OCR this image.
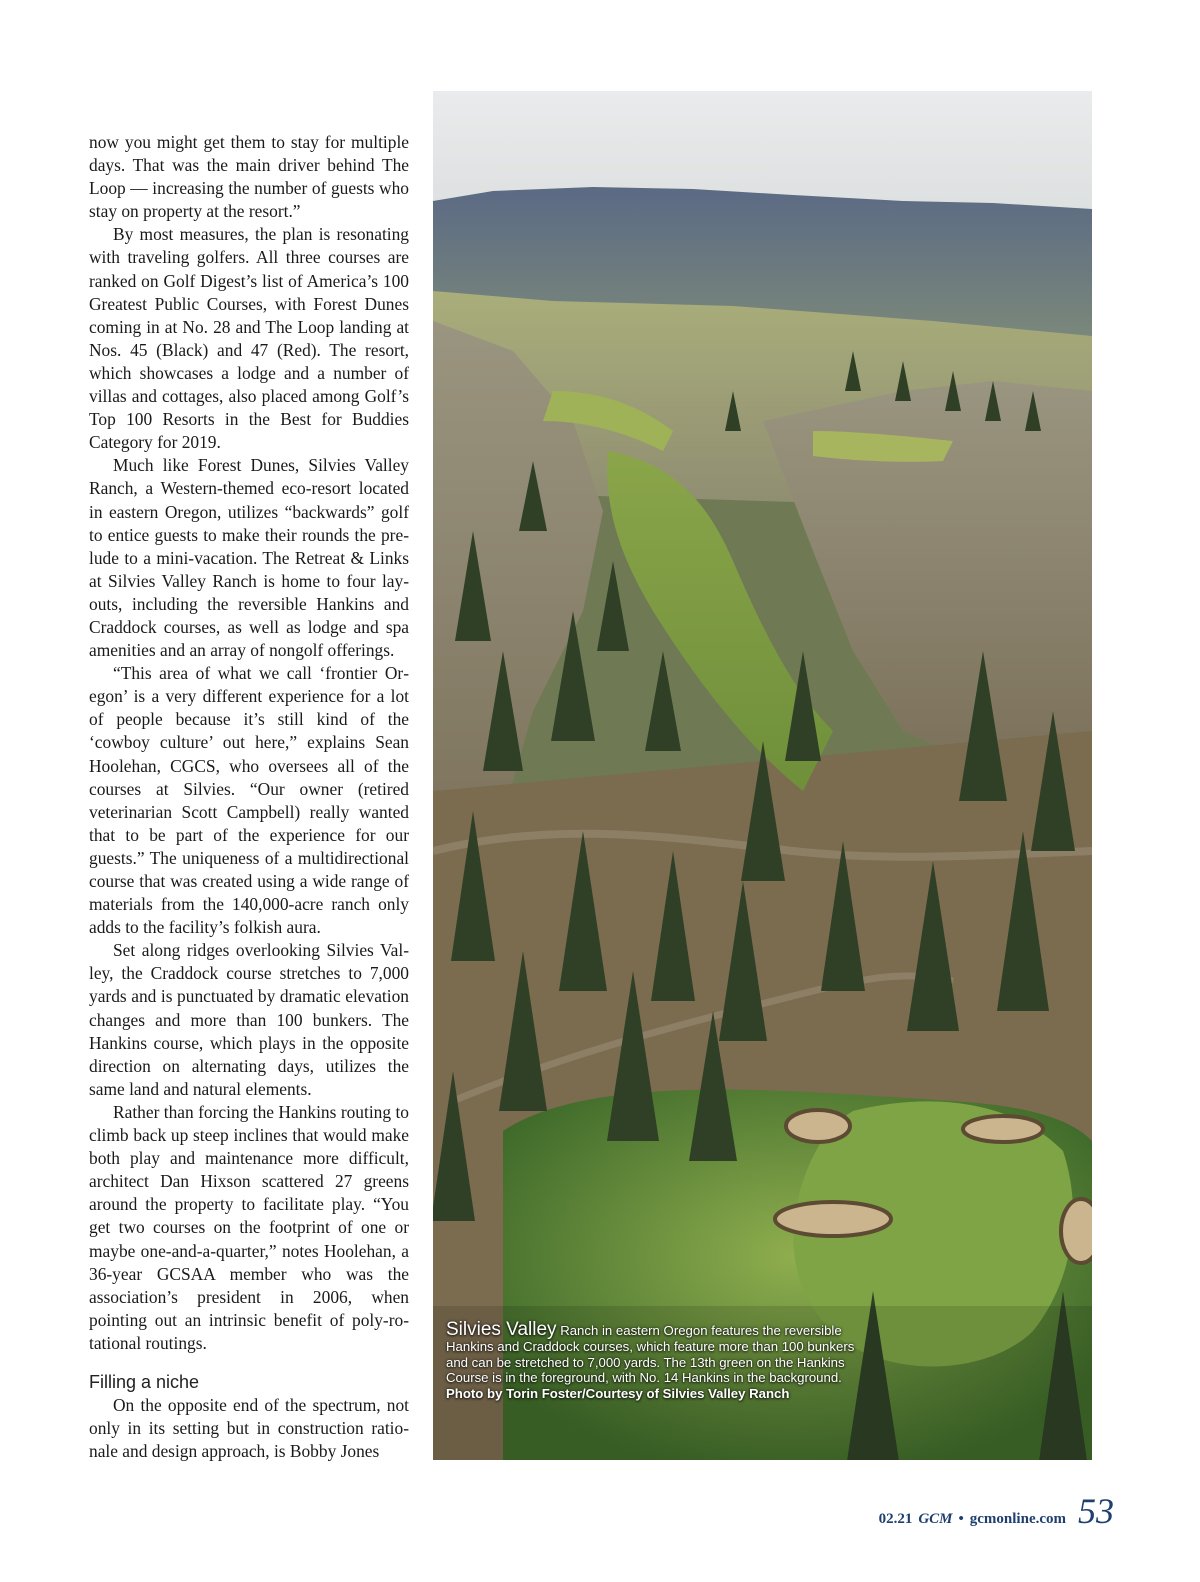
now you might get them to stay for multiple days. That was the main driver behind The Loop — increasing the number of guests who stay on property at the resort.”

By most measures, the plan is resonating with traveling golfers. All three courses are ranked on Golf Digest’s list of America’s 100 Greatest Public Courses, with Forest Dunes coming in at No. 28 and The Loop landing at Nos. 45 (Black) and 47 (Red). The resort, which showcases a lodge and a number of villas and cottages, also placed among Golf’s Top 100 Resorts in the Best for Buddies Category for 2019.

Much like Forest Dunes, Silvies Valley Ranch, a Western-themed eco-resort located in eastern Oregon, utilizes “backwards” golf to entice guests to make their rounds the prelude to a mini-vacation. The Retreat & Links at Silvies Valley Ranch is home to four layouts, including the reversible Hankins and Craddock courses, as well as lodge and spa amenities and an array of nongolf offerings.

“This area of what we call ‘frontier Oregon’ is a very different experience for a lot of people because it’s still kind of the ‘cowboy culture’ out here,” explains Sean Hoolehan, CGCS, who oversees all of the courses at Silvies. “Our owner (retired veterinarian Scott Campbell) really wanted that to be part of the experience for our guests.” The uniqueness of a multidirectional course that was created using a wide range of materials from the 140,000-acre ranch only adds to the facility’s folkish aura.

Set along ridges overlooking Silvies Valley, the Craddock course stretches to 7,000 yards and is punctuated by dramatic elevation changes and more than 100 bunkers. The Hankins course, which plays in the opposite direction on alternating days, utilizes the same land and natural elements.

Rather than forcing the Hankins routing to climb back up steep inclines that would make both play and maintenance more difficult, architect Dan Hixson scattered 27 greens around the property to facilitate play. “You get two courses on the footprint of one or maybe one-and-a-quarter,” notes Hoolehan, a 36-year GCSAA member who was the association’s president in 2006, when pointing out an intrinsic benefit of poly-rotational routings.

Filling a niche

On the opposite end of the spectrum, not only in its setting but in construction rationale and design approach, is Bobby Jones

Silvies Valley Ranch in eastern Oregon features the reversible Hankins and Craddock courses, which feature more than 100 bunkers and can be stretched to 7,000 yards. The 13th green on the Hankins Course is in the foreground, with No. 14 Hankins in the background.
Photo by Torin Foster/Courtesy of Silvies Valley Ranch
02.21 GCM • gcmonline.com 53
